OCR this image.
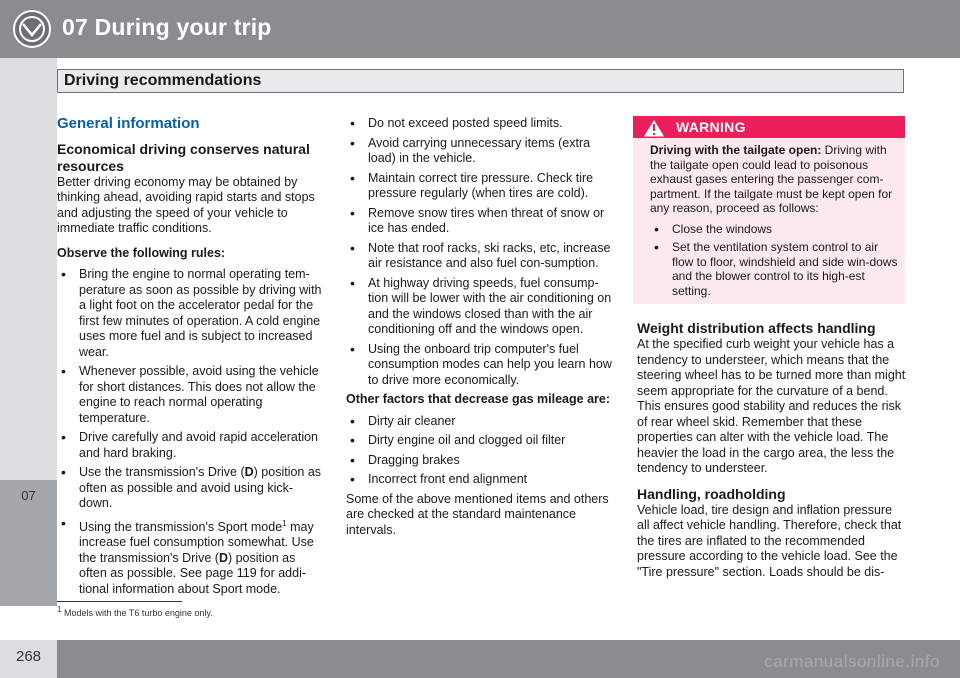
07 During your trip
Driving recommendations
07

General information

Economical driving conserves natural resources

Better driving economy may be obtained by thinking ahead, avoiding rapid starts and stops and adjusting the speed of your vehicle to immediate traffic conditions.

Observe the following rules:

• Bring the engine to normal operating tem-perature as soon as possible by driving with a light foot on the accelerator pedal for the first few minutes of operation. A cold engine uses more fuel and is subject to increased wear.
• Whenever possible, avoid using the vehicle for short distances. This does not allow the engine to reach normal operating temperature.
• Drive carefully and avoid rapid acceleration and hard braking.
• Use the transmission's Drive (D) position as often as possible and avoid using kick-down.
• Using the transmission's Sport mode$^1$ may increase fuel consumption somewhat. Use the transmission's Drive (D) position as often as possible. See page 119 for addi-tional information about Sport mode.
• Do not exceed posted speed limits.
• Avoid carrying unnecessary items (extra load) in the vehicle.
• Maintain correct tire pressure. Check tire pressure regularly (when tires are cold).
• Remove snow tires when threat of snow or ice has ended.
• Note that roof racks, ski racks, etc, increase air resistance and also fuel con-sumption.
• At highway driving speeds, fuel consump-tion will be lower with the air conditioning on and the windows closed than with the air conditioning off and the windows open.
• Using the onboard trip computer's fuel consumption modes can help you learn how to drive more economically.

Other factors that decrease gas mileage are:

• Dirty air cleaner
• Dirty engine oil and clogged oil filter
• Dragging brakes
• Incorrect front end alignment

Some of the above mentioned items and others are checked at the standard maintenance intervals.

WARNING

Driving with the tailgate open: Driving with the tailgate open could lead to poisonous exhaust gases entering the passenger com-partment. If the tailgate must be kept open for any reason, proceed as follows:

• Close the windows
• Set the ventilation system control to air flow to floor, windshield and side win-dows and the blower control to its high-est setting.

Weight distribution affects handling

At the specified curb weight your vehicle has a tendency to understeer, which means that the steering wheel has to be turned more than might seem appropriate for the curvature of a bend. This ensures good stability and reduces the risk of rear wheel skid. Remember that these properties can alter with the vehicle load. The heavier the load in the cargo area, the less the tendency to understeer.

Handling, roadholding

Vehicle load, tire design and inflation pressure all affect vehicle handling. Therefore, check that the tires are inflated to the recommended pressure according to the vehicle load. See the "Tire pressure" section. Loads should be dis-

$^1$ Models with the T6 turbo engine only.
268	carmanualsonline.info
